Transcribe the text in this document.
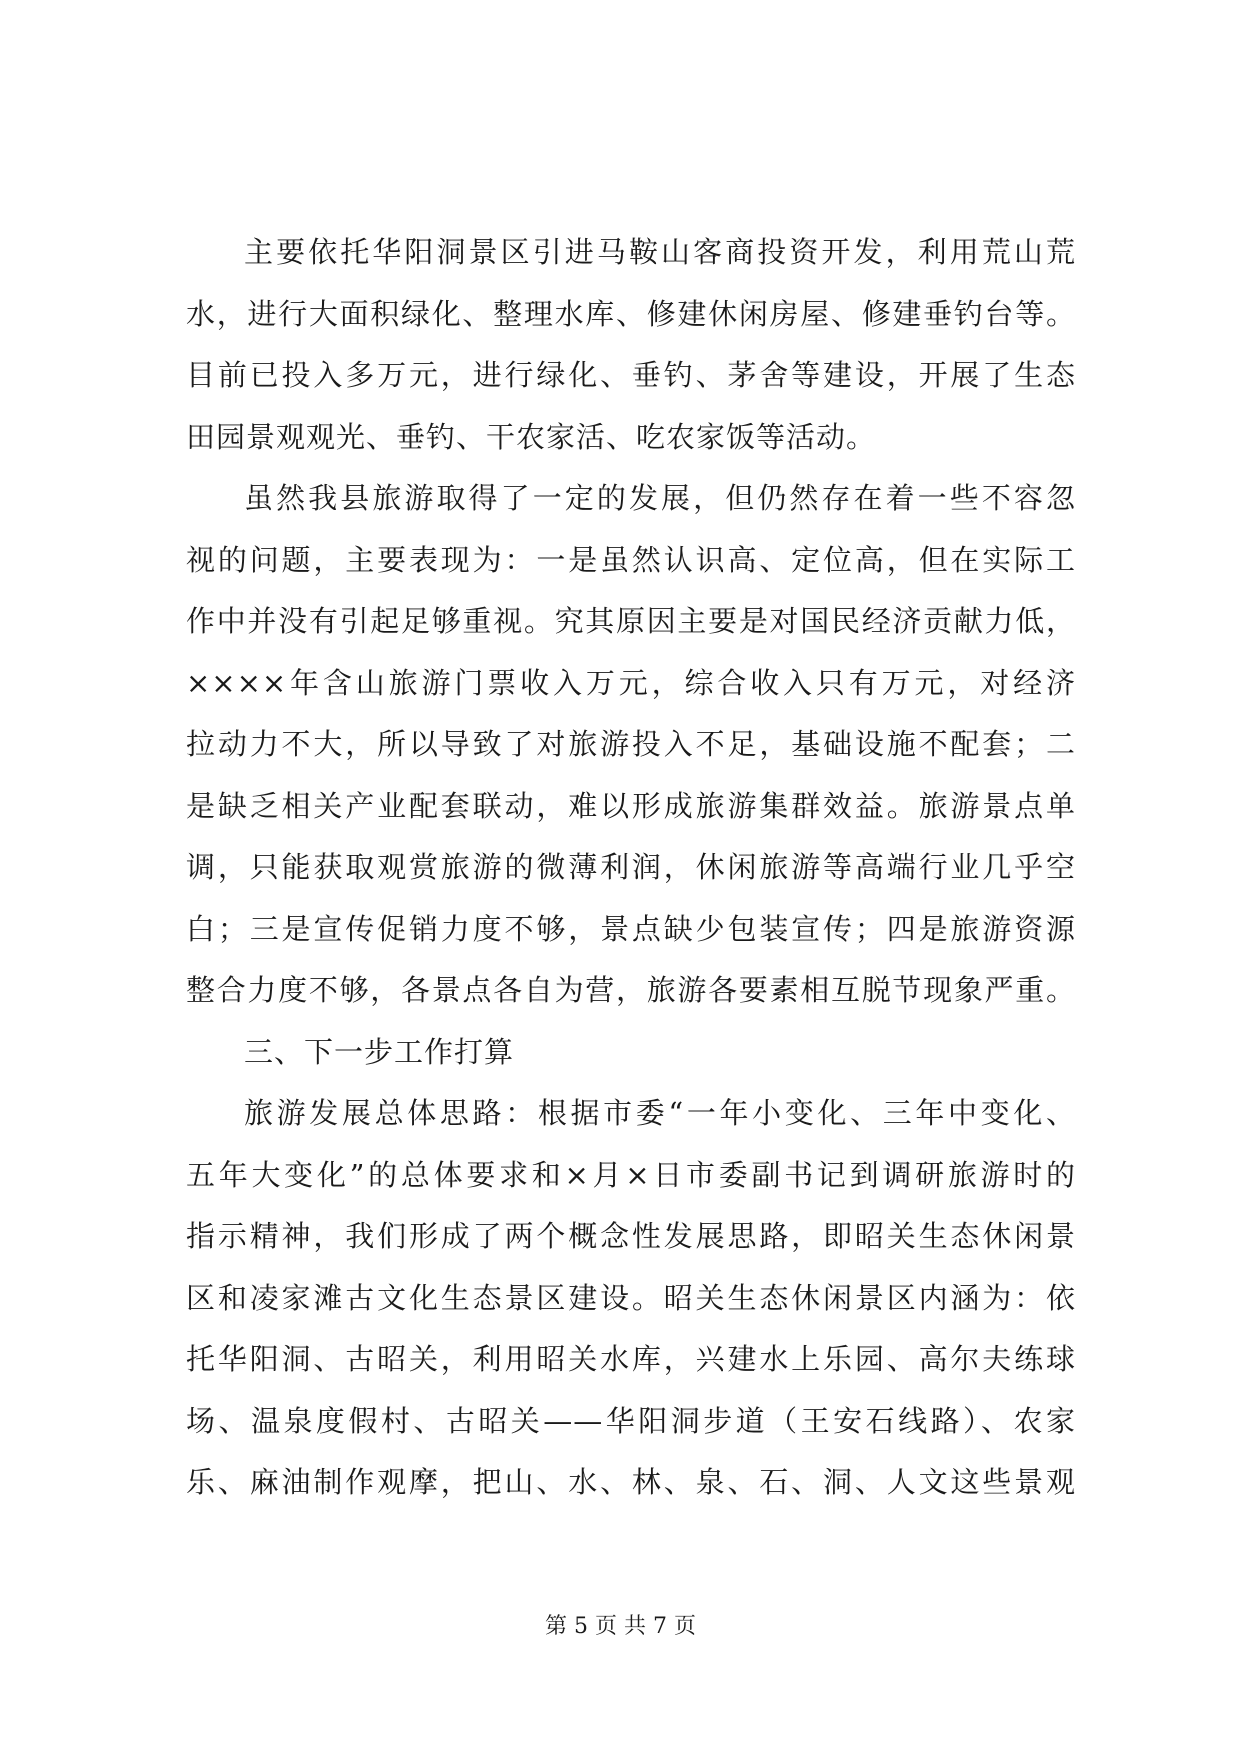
主要依托华阳洞景区引进马鞍山客商投资开发，利用荒山荒
水，进行大面积绿化、整理水库、修建休闲房屋、修建垂钓台等。
目前已投入多万元，进行绿化、垂钓、茅舍等建设，开展了生态
田园景观观光、垂钓、干农家活、吃农家饭等活动。
虽然我县旅游取得了一定的发展，但仍然存在着一些不容忽
视的问题，主要表现为：一是虽然认识高、定位高，但在实际工
作中并没有引起足够重视。究其原因主要是对国民经济贡献力低，
××××年含山旅游门票收入万元，综合收入只有万元，对经济
拉动力不大，所以导致了对旅游投入不足，基础设施不配套；二
是缺乏相关产业配套联动，难以形成旅游集群效益。旅游景点单
调，只能获取观赏旅游的微薄利润，休闲旅游等高端行业几乎空
白；三是宣传促销力度不够，景点缺少包装宣传；四是旅游资源
整合力度不够，各景点各自为营，旅游各要素相互脱节现象严重。
三、下一步工作打算
旅游发展总体思路：根据市委“一年小变化、三年中变化、
五年大变化”的总体要求和×月×日市委副书记到调研旅游时的
指示精神，我们形成了两个概念性发展思路，即昭关生态休闲景
区和凌家滩古文化生态景区建设。昭关生态休闲景区内涵为：依
托华阳洞、古昭关，利用昭关水库，兴建水上乐园、高尔夫练球
场、温泉度假村、古昭关——华阳洞步道（王安石线路）、农家
乐、麻油制作观摩，把山、水、林、泉、石、洞、人文这些景观
第 5 页 共 7 页
